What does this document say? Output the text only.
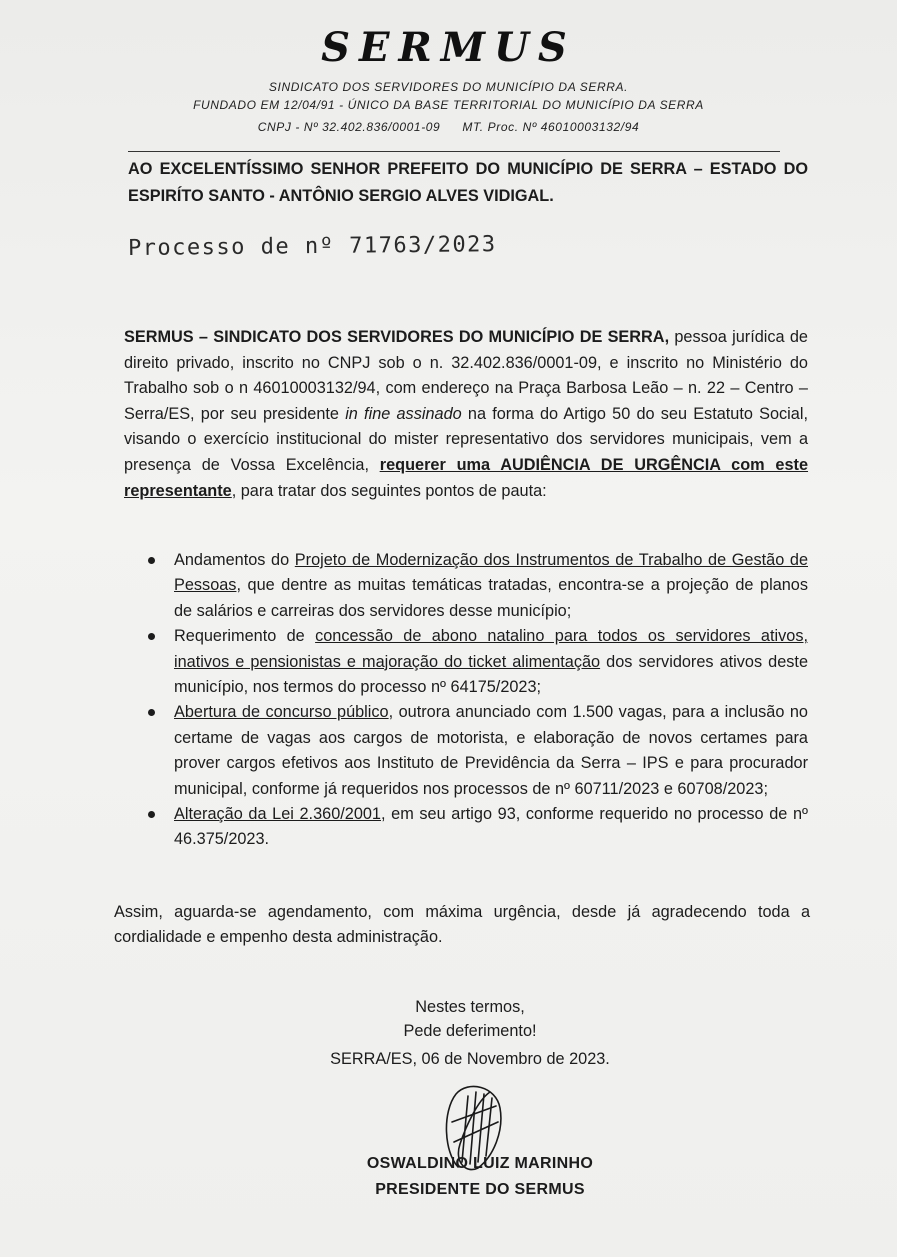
SERMUS
SINDICATO DOS SERVIDORES DO MUNICÍPIO DA SERRA.
FUNDADO EM 12/04/91 - ÚNICO DA BASE TERRITORIAL DO MUNICÍPIO DA SERRA
CNPJ - Nº 32.402.836/0001-09 MT. Proc. Nº 46010003132/94
AO EXCELENTÍSSIMO SENHOR PREFEITO DO MUNICÍPIO DE SERRA – ESTADO DO ESPIRÍTO SANTO - ANTÔNIO SERGIO ALVES VIDIGAL.
Processo de nº 71763/2023
SERMUS – SINDICATO DOS SERVIDORES DO MUNICÍPIO DE SERRA, pessoa jurídica de direito privado, inscrito no CNPJ sob o n. 32.402.836/0001-09, e inscrito no Ministério do Trabalho sob o n 46010003132/94, com endereço na Praça Barbosa Leão – n. 22 – Centro – Serra/ES, por seu presidente in fine assinado na forma do Artigo 50 do seu Estatuto Social, visando o exercício institucional do mister representativo dos servidores municipais, vem a presença de Vossa Excelência, requerer uma AUDIÊNCIA DE URGÊNCIA com este representante, para tratar dos seguintes pontos de pauta:
Andamentos do Projeto de Modernização dos Instrumentos de Trabalho de Gestão de Pessoas, que dentre as muitas temáticas tratadas, encontra-se a projeção de planos de salários e carreiras dos servidores desse município;
Requerimento de concessão de abono natalino para todos os servidores ativos, inativos e pensionistas e majoração do ticket alimentação dos servidores ativos deste município, nos termos do processo nº 64175/2023;
Abertura de concurso público, outrora anunciado com 1.500 vagas, para a inclusão no certame de vagas aos cargos de motorista, e elaboração de novos certames para prover cargos efetivos aos Instituto de Previdência da Serra – IPS e para procurador municipal, conforme já requeridos nos processos de nº 60711/2023 e 60708/2023;
Alteração da Lei 2.360/2001, em seu artigo 93, conforme requerido no processo de nº 46.375/2023.
Assim, aguarda-se agendamento, com máxima urgência, desde já agradecendo toda a cordialidade e empenho desta administração.
Nestes termos,
Pede deferimento!
SERRA/ES, 06 de Novembro de 2023.
OSWALDINO LUIZ MARINHO
PRESIDENTE DO SERMUS
